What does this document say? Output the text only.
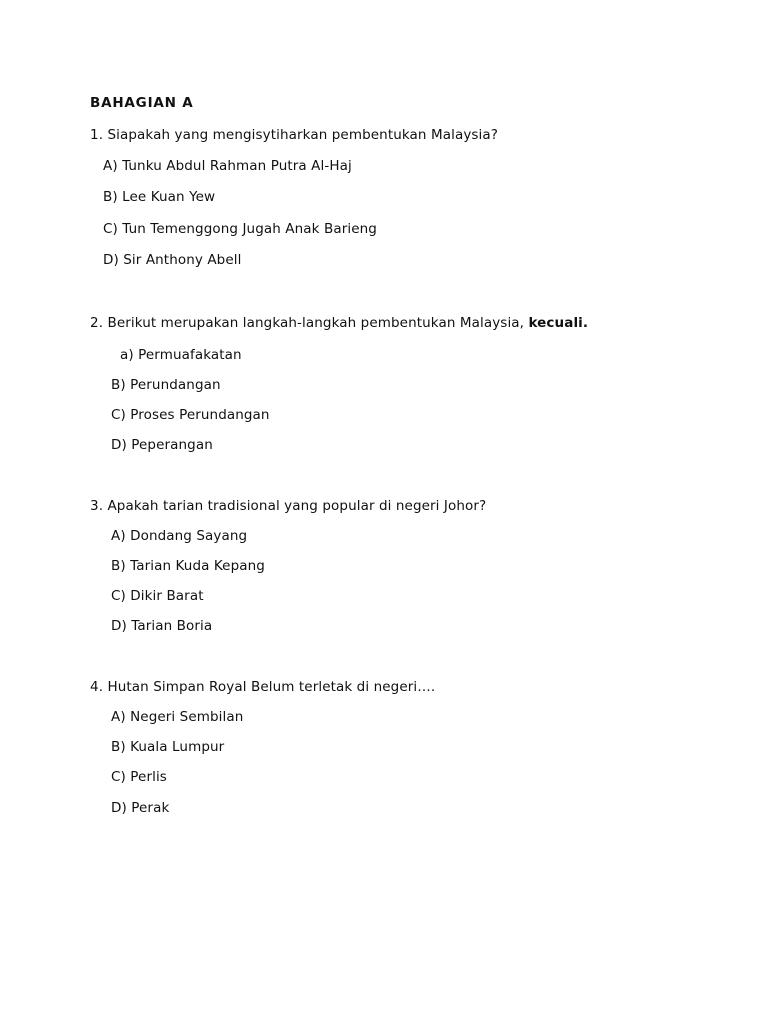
BAHAGIAN A
1. Siapakah yang mengisytiharkan pembentukan Malaysia?
A) Tunku Abdul Rahman Putra Al-Haj
B) Lee Kuan Yew
C) Tun Temenggong Jugah Anak Barieng
D) Sir Anthony Abell
2. Berikut merupakan langkah-langkah pembentukan Malaysia, kecuali.
a) Permuafakatan
B) Perundangan
C) Proses Perundangan
D) Peperangan
3. Apakah tarian tradisional yang popular di negeri Johor?
A) Dondang Sayang
B) Tarian Kuda Kepang
C) Dikir Barat
D) Tarian Boria
4. Hutan Simpan Royal Belum terletak di negeri….
A) Negeri Sembilan
B) Kuala Lumpur
C) Perlis
D) Perak
